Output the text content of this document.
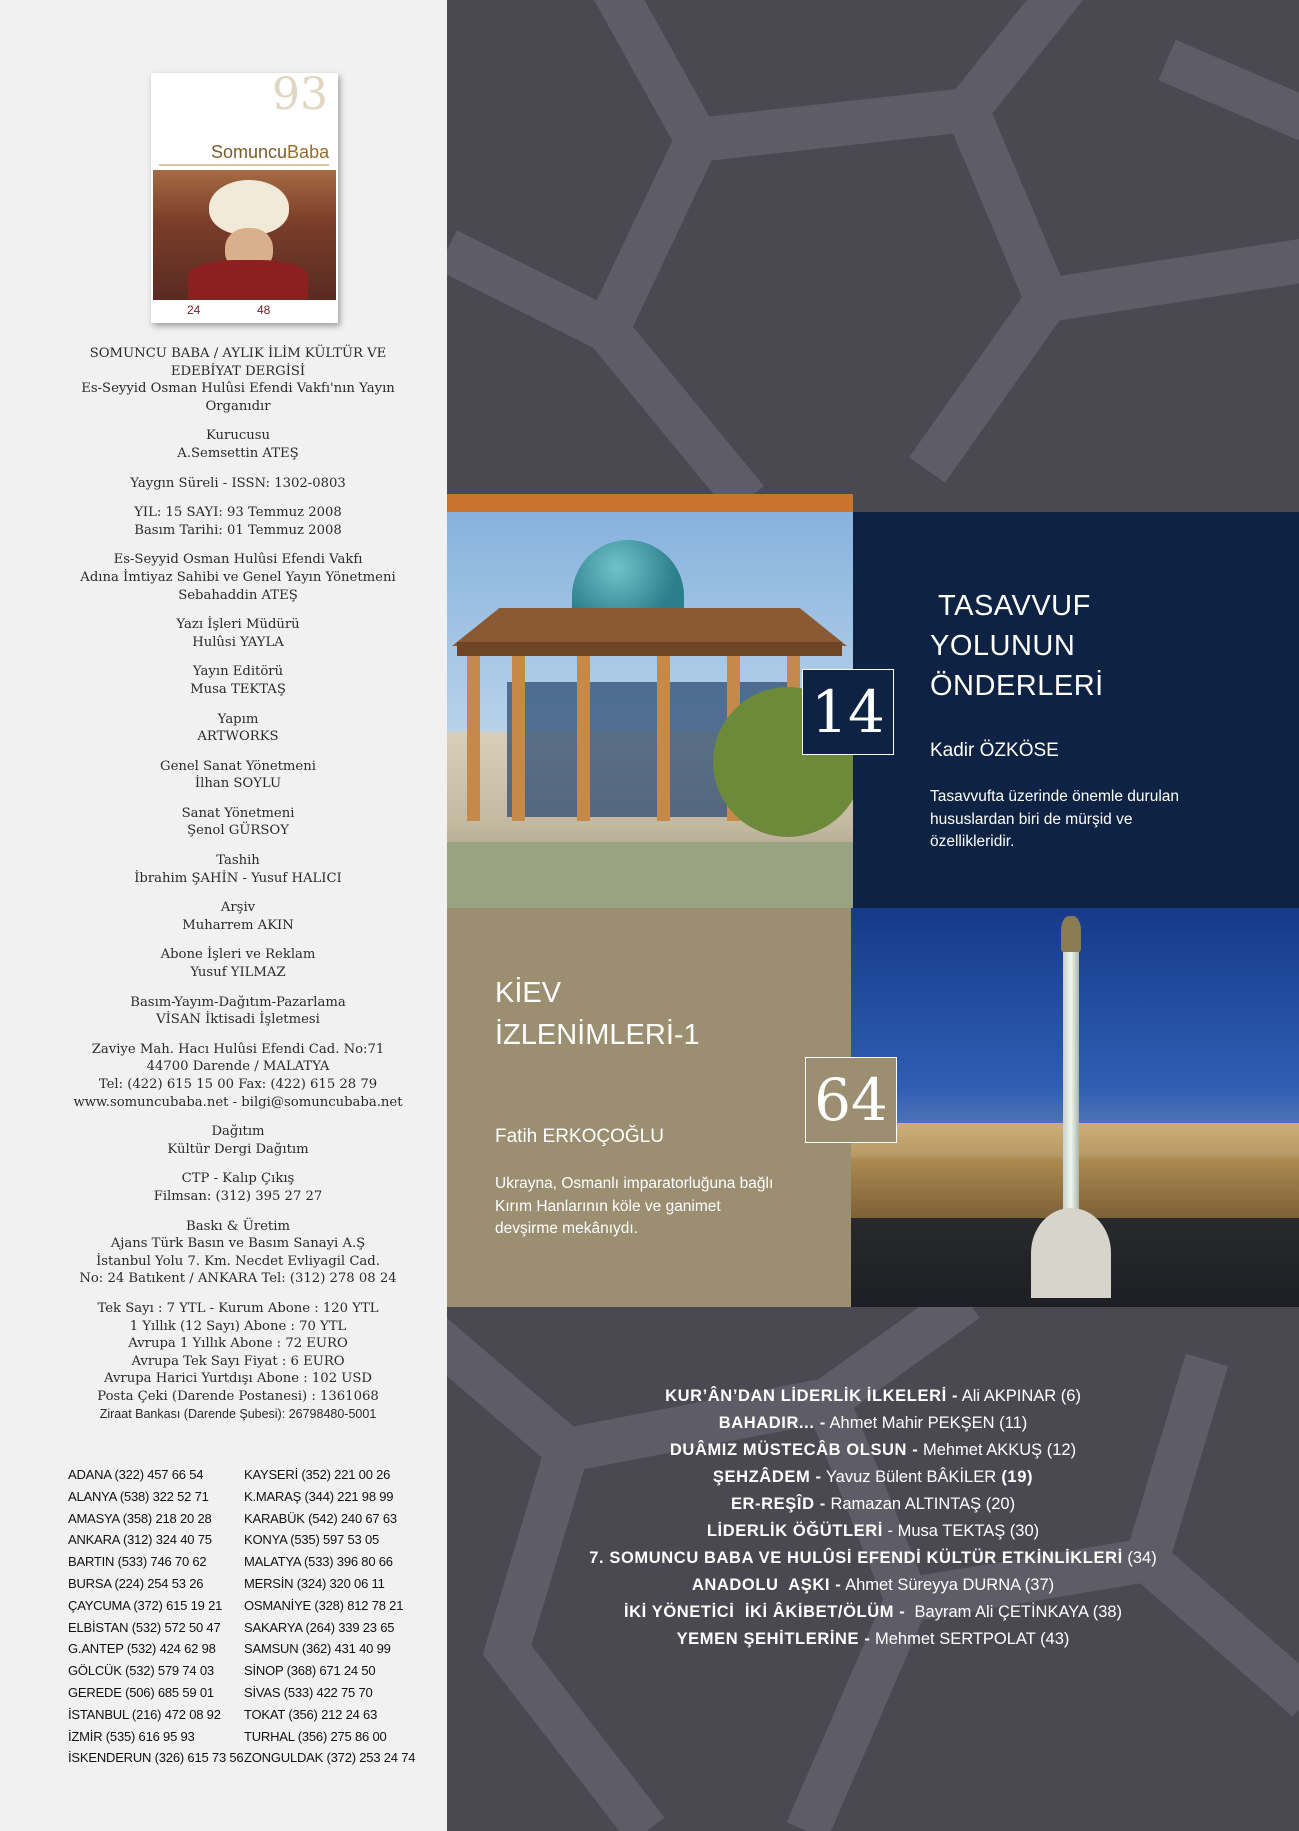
93
SomuncuBaba
24	48

SOMUNCU BABA / AYLIK İLİM KÜLTÜR VE
EDEBİYAT DERGİSİ
Es-Seyyid Osman Hulûsi Efendi Vakfı'nın Yayın
Organıdır

Kurucusu
A.Semsettin ATEŞ

Yaygın Süreli - ISSN: 1302-0803

YIL: 15 SAYI: 93 Temmuz 2008
Basım Tarihi: 01 Temmuz 2008

Es-Seyyid Osman Hulûsi Efendi Vakfı
Adına İmtiyaz Sahibi ve Genel Yayın Yönetmeni
Sebahaddin ATEŞ

Yazı İşleri Müdürü
Hulûsi YAYLA

Yayın Editörü
Musa TEKTAŞ

Yapım
ARTWORKS

Genel Sanat Yönetmeni
İlhan SOYLU

Sanat Yönetmeni
Şenol GÜRSOY

Tashih
İbrahim ŞAHİN - Yusuf HALICI

Arşiv
Muharrem AKIN

Abone İşleri ve Reklam
Yusuf YILMAZ

Basım-Yayım-Dağıtım-Pazarlama
VİSAN İktisadi İşletmesi

Zaviye Mah. Hacı Hulûsi Efendi Cad. No:71
44700 Darende / MALATYA
Tel: (422) 615 15 00 Fax: (422) 615 28 79
www.somuncubaba.net - bilgi@somuncubaba.net

Dağıtım
Kültür Dergi Dağıtım

CTP - Kalıp Çıkış
Filmsan: (312) 395 27 27

Baskı & Üretim
Ajans Türk Basın ve Basım Sanayi A.Ş
İstanbul Yolu 7. Km. Necdet Evliyagil Cad.
No: 24 Batıkent / ANKARA Tel: (312) 278 08 24

Tek Sayı : 7 YTL - Kurum Abone : 120 YTL
1 Yıllık (12 Sayı) Abone : 70 YTL
Avrupa 1 Yıllık Abone : 72 EURO
Avrupa Tek Sayı Fiyat : 6 EURO
Avrupa Harici Yurtdışı Abone : 102 USD
Posta Çeki (Darende Postanesi) : 1361068
Ziraat Bankası (Darende Şubesi): 26798480-5001

ADANA (322) 457 66 54
ALANYA (538) 322 52 71
AMASYA (358) 218 20 28
ANKARA (312) 324 40 75
BARTIN (533) 746 70 62
BURSA (224) 254 53 26
ÇAYCUMA (372) 615 19 21
ELBİSTAN (532) 572 50 47
G.ANTEP (532) 424 62 98
GÖLCÜK (532) 579 74 03
GEREDE (506) 685 59 01
İSTANBUL (216) 472 08 92
İZMİR (535) 616 95 93
İSKENDERUN (326) 615 73 56
KAYSERİ (352) 221 00 26
K.MARAŞ (344) 221 98 99
KARABÜK (542) 240 67 63
KONYA (535) 597 53 05
MALATYA (533) 396 80 66
MERSİN (324) 320 06 11
OSMANİYE (328) 812 78 21
SAKARYA (264) 339 23 65
SAMSUN (362) 431 40 99
SİNOP (368) 671 24 50
SİVAS (533) 422 75 70
TOKAT (356) 212 24 63
TURHAL (356) 275 86 00
ZONGULDAK (372) 253 24 74
TASAVVUF
YOLUNUN
ÖNDERLERİ
Kadir ÖZKÖSE
Tasavvufta üzerinde önemle durulan hususlardan biri de mürşid ve özellikleridir.
14
KİEV
İZLENİMLERİ-1
Fatih ERKOÇOĞLU
Ukrayna, Osmanlı imparatorluğuna bağlı Kırım Hanlarının köle ve ganimet devşirme mekânıydı.
64
KUR’ÂN’DAN LİDERLİK İLKELERİ - Ali AKPINAR (6)
BAHADIR... - Ahmet Mahir PEKŞEN (11)
DUÂMIZ MÜSTECÂB OLSUN - Mehmet AKKUŞ (12)
ŞEHZÂDEM - Yavuz Bülent BÂKİLER (19)
ER-REŞÎD - Ramazan ALTINTAŞ (20)
LİDERLİK ÖĞÜTLERİ - Musa TEKTAŞ (30)
7. SOMUNCU BABA VE HULÛSİ EFENDİ KÜLTÜR ETKİNLİKLERİ (34)
ANADOLU  AŞKI - Ahmet Süreyya DURNA (37)
İKİ YÖNETİCİ  İKİ ÂKİBET/ÖLÜM -  Bayram Ali ÇETİNKAYA (38)
YEMEN ŞEHİTLERİNE - Mehmet SERTPOLAT (43)
